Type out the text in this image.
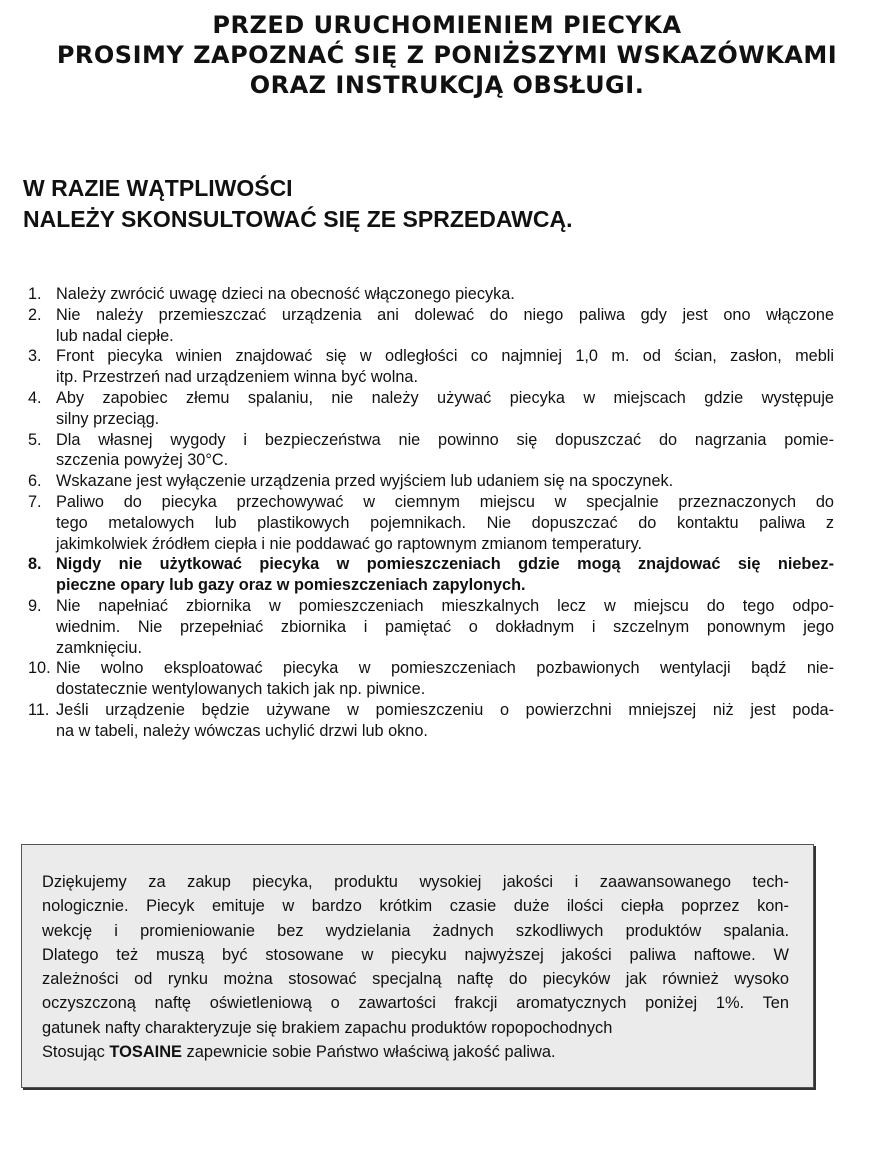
PRZED URUCHOMIENIEM PIECYKA
PROSIMY ZAPOZNAĆ SIĘ Z PONIŻSZYMI WSKAZÓWKAMI
ORAZ INSTRUKCJĄ OBSŁUGI.
W RAZIE WĄTPLIWOŚCI
NALEŻY SKONSULTOWAĆ SIĘ ZE SPRZEDAWCĄ.
1. Należy zwrócić uwagę dzieci na obecność włączonego piecyka.
2. Nie należy przemieszczać urządzenia ani dolewać do niego paliwa gdy jest ono włączone
lub nadal ciepłe.
3. Front piecyka winien znajdować się w odległości co najmniej 1,0 m. od ścian, zasłon, mebli
itp. Przestrzeń nad urządzeniem winna być wolna.
4. Aby zapobiec złemu spalaniu, nie należy używać piecyka w miejscach gdzie występuje
silny przeciąg.
5. Dla własnej wygody i bezpieczeństwa nie powinno się dopuszczać do nagrzania pomie-
szczenia powyżej 30°C.
6. Wskazane jest wyłączenie urządzenia przed wyjściem lub udaniem się na spoczynek.
7. Paliwo do piecyka przechowywać w ciemnym miejscu w specjalnie przeznaczonych do
tego metalowych lub plastikowych pojemnikach. Nie dopuszczać do kontaktu paliwa z
jakimkolwiek źródłem ciepła i nie poddawać go raptownym zmianom temperatury.
8. Nigdy nie użytkować piecyka w pomieszczeniach gdzie mogą znajdować się niebez-
pieczne opary lub gazy oraz w pomieszczeniach zapylonych.
9. Nie napełniać zbiornika w pomieszczeniach mieszkalnych lecz w miejscu do tego odpo-
wiednim. Nie przepełniać zbiornika i pamiętać o dokładnym i szczelnym ponownym jego
zamknięciu.
10. Nie wolno eksploatować piecyka w pomieszczeniach pozbawionych wentylacji bądź nie-
dostatecznie wentylowanych takich jak np. piwnice.
11. Jeśli urządzenie będzie używane w pomieszczeniu o powierzchni mniejszej niż jest poda-
na w tabeli, należy wówczas uchylić drzwi lub okno.
Dziękujemy za zakup piecyka, produktu wysokiej jakości i zaawansowanego tech-
nologicznie. Piecyk emituje w bardzo krótkim czasie duże ilości ciepła poprzez kon-
wekcję i promieniowanie bez wydzielania żadnych szkodliwych produktów spalania.
Dlatego też muszą być stosowane w piecyku najwyższej jakości paliwa naftowe. W
zależności od rynku można stosować specjalną naftę do piecyków jak również wysoko
oczyszczoną naftę oświetleniową o zawartości frakcji aromatycznych poniżej 1%. Ten
gatunek nafty charakteryzuje się brakiem zapachu produktów ropopochodnych
Stosując TOSAINE zapewnicie sobie Państwo właściwą jakość paliwa.
